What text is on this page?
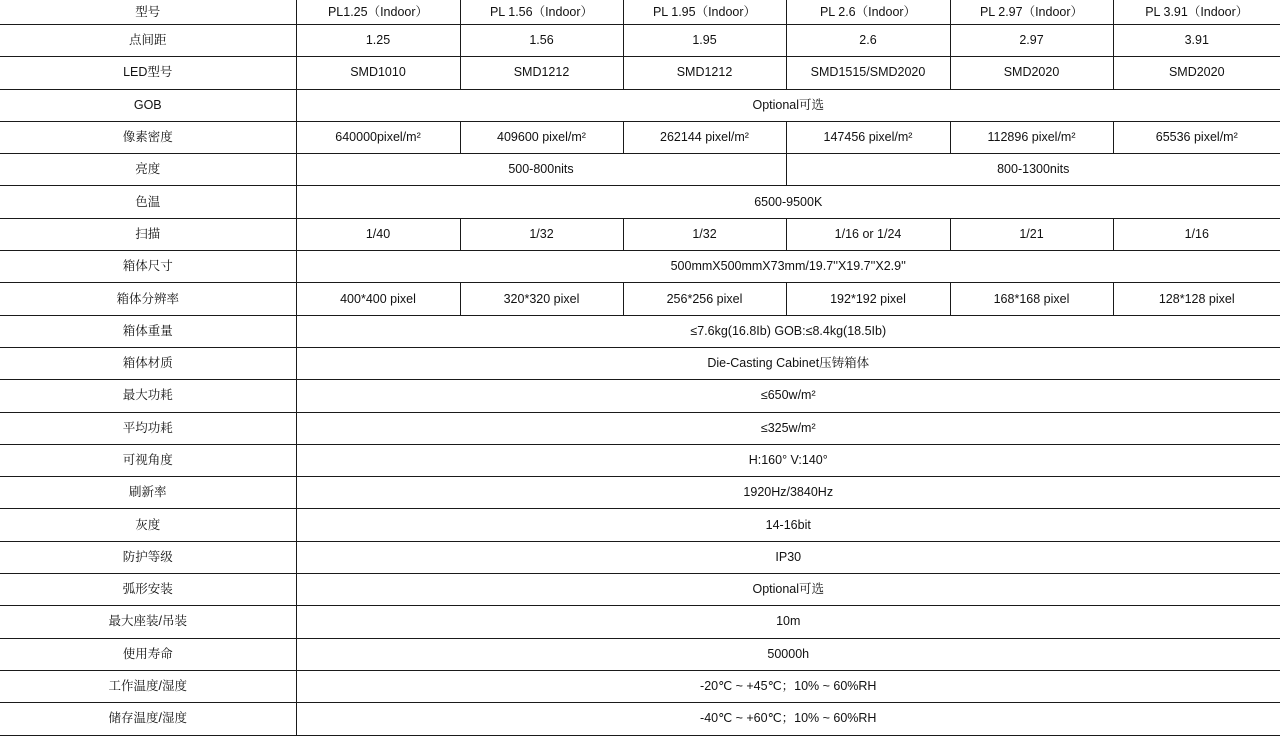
型号	PL1.25（Indoor）	PL 1.56（Indoor）	PL 1.95（Indoor）	PL 2.6（Indoor）	PL 2.97（Indoor）	PL 3.91（Indoor）
点间距	1.25	1.56	1.95	2.6	2.97	3.91
LED型号	SMD1010	SMD1212	SMD1212	SMD1515/SMD2020	SMD2020	SMD2020
GOB	Optional可选					
像素密度	640000pixel/m²	409600 pixel/m²	262144 pixel/m²	147456 pixel/m²	112896 pixel/m²	65536 pixel/m²
亮度	500-800nits			800-1300nits		
色温	6500-9500K					
扫描	1/40	1/32	1/32	1/16 or 1/24	1/21	1/16
箱体尺寸	500mmX500mmX73mm/19.7''X19.7''X2.9''					
箱体分辨率	400*400 pixel	320*320 pixel	256*256 pixel	192*192 pixel	168*168 pixel	128*128 pixel
箱体重量	≤7.6kg(16.8Ib) GOB:≤8.4kg(18.5Ib)					
箱体材质	Die-Casting Cabinet压铸箱体					
最大功耗	≤650w/m²					
平均功耗	≤325w/m²					
可视角度	H:160° V:140°					
刷新率	1920Hz/3840Hz					
灰度	14-16bit					
防护等级	IP30					
弧形安装	Optional可选					
最大座装/吊装	10m					
使用寿命	50000h					
工作温度/湿度	-20℃ ~ +45℃；10% ~ 60%RH					
储存温度/湿度	-40℃ ~ +60℃；10% ~ 60%RH					
